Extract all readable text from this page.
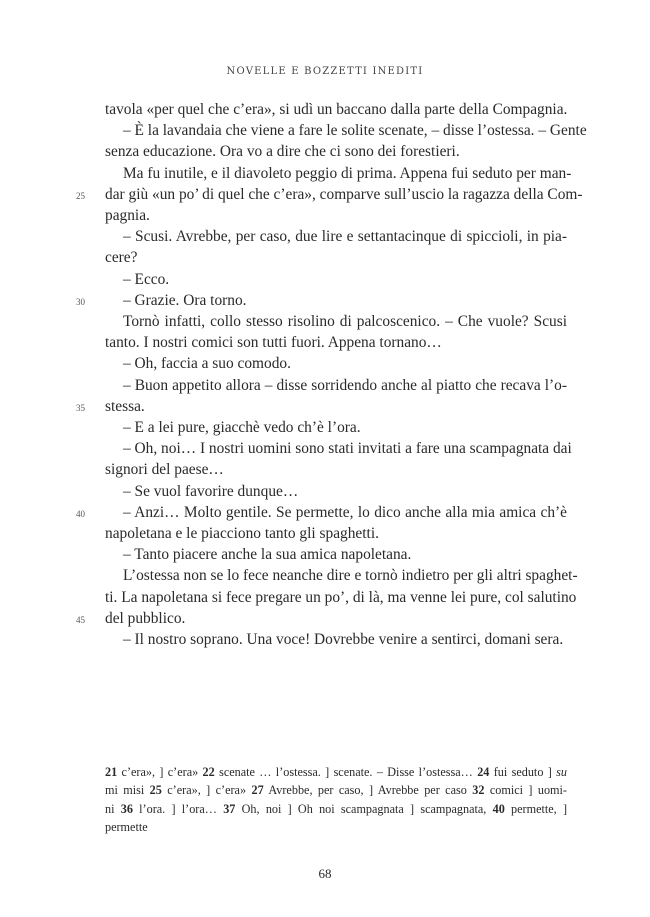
NOVELLE E BOZZETTI INEDITI
tavola «per quel che c’era», si udì un baccano dalla parte della Compagnia.
– È la lavandaia che viene a fare le solite scenate, – disse l’ostessa. – Gente
senza educazione. Ora vo a dire che ci sono dei forestieri.
Ma fu inutile, e il diavoleto peggio di prima. Appena fui seduto per man-
dar giù «un po’ di quel che c’era», comparve sull’uscio la ragazza della Com-
pagnia.
– Scusi. Avrebbe, per caso, due lire e settantacinque di spiccioli, in pia-
cere?
– Ecco.
– Grazie. Ora torno.
Tornò infatti, collo stesso risolino di palcoscenico. – Che vuole? Scusi
tanto. I nostri comici son tutti fuori. Appena tornano…
– Oh, faccia a suo comodo.
– Buon appetito allora – disse sorridendo anche al piatto che recava l’o-
stessa.
– E a lei pure, giacchè vedo ch’è l’ora.
– Oh, noi… I nostri uomini sono stati invitati a fare una scampagnata dai
signori del paese…
– Se vuol favorire dunque…
– Anzi… Molto gentile. Se permette, lo dico anche alla mia amica ch’è
napoletana e le piacciono tanto gli spaghetti.
– Tanto piacere anche la sua amica napoletana.
L’ostessa non se lo fece neanche dire e tornò indietro per gli altri spaghet-
ti. La napoletana si fece pregare un po’, di là, ma venne lei pure, col salutino
del pubblico.
– Il nostro soprano. Una voce! Dovrebbe venire a sentirci, domani sera.
25
30
35
40
45
21 c’era», ] c’era» 22 scenate … l’ostessa. ] scenate. – Disse l’ostessa… 24 fui seduto ] su
mi misi 25 c’era», ] c’era» 27 Avrebbe, per caso, ] Avrebbe per caso 32 comici ] uomi-
ni 36 l’ora. ] l’ora… 37 Oh, noi ] Oh noi scampagnata ] scampagnata, 40 permette, ]
permette
68
